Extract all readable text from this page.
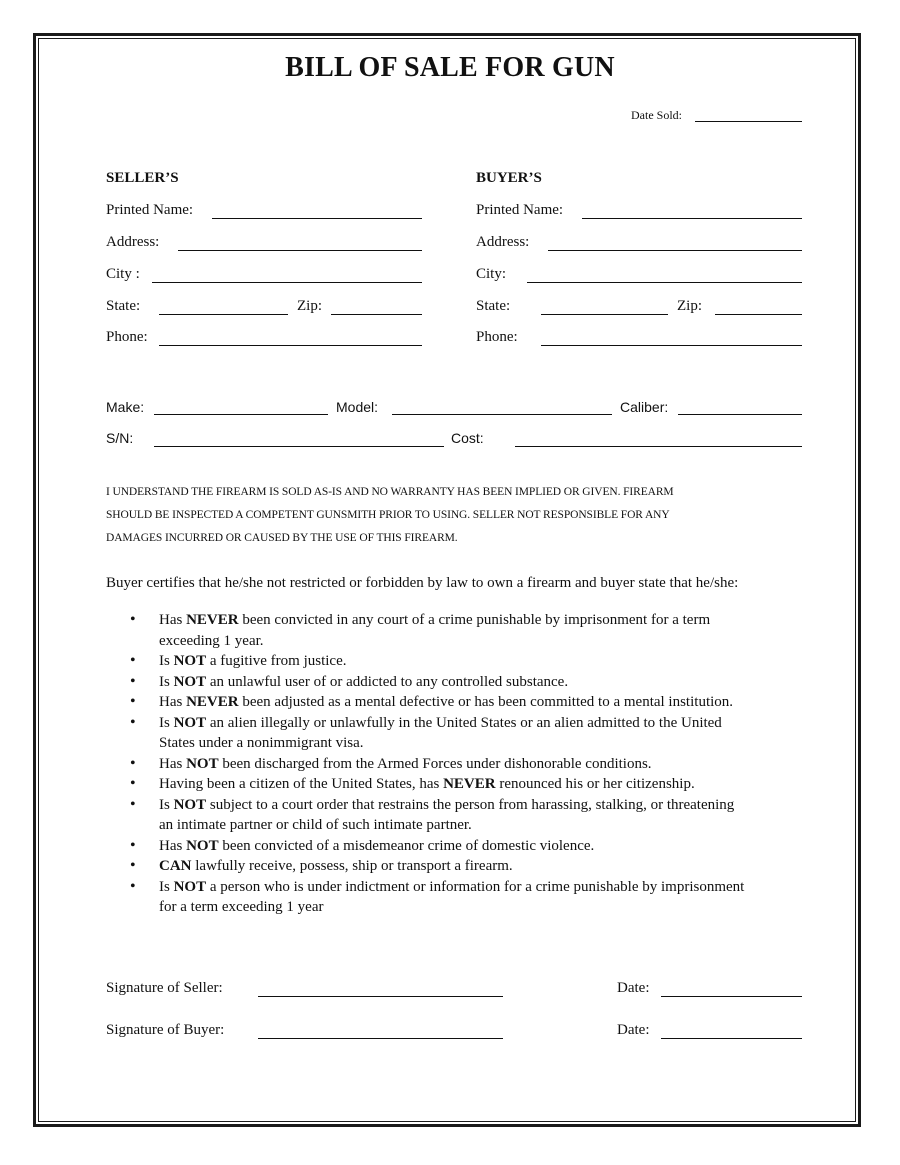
BILL OF SALE FOR GUN
Date Sold:
SELLER’S
Printed Name:
Address:
City :
State:	Zip:
Phone:
BUYER’S
Printed Name:
Address:
City:
State:	Zip:
Phone:
Make:	Model:	Caliber:
S/N:	Cost:
I UNDERSTAND THE FIREARM IS SOLD AS-IS AND NO WARRANTY HAS BEEN IMPLIED OR GIVEN. FIREARM
SHOULD BE INSPECTED A COMPETENT GUNSMITH PRIOR TO USING. SELLER NOT RESPONSIBLE FOR ANY
DAMAGES INCURRED OR CAUSED BY THE USE OF THIS FIREARM.
Buyer certifies that he/she not restricted or forbidden by law to own a firearm and buyer state that he/she:
• Has NEVER been convicted in any court of a crime punishable by imprisonment for a term
exceeding 1 year.
• Is NOT a fugitive from justice.
• Is NOT an unlawful user of or addicted to any controlled substance.
• Has NEVER been adjusted as a mental defective or has been committed to a mental institution.
• Is NOT an alien illegally or unlawfully in the United States or an alien admitted to the United
States under a nonimmigrant visa.
• Has NOT been discharged from the Armed Forces under dishonorable conditions.
• Having been a citizen of the United States, has NEVER renounced his or her citizenship.
• Is NOT subject to a court order that restrains the person from harassing, stalking, or threatening
an intimate partner or child of such intimate partner.
• Has NOT been convicted of a misdemeanor crime of domestic violence.
• CAN lawfully receive, possess, ship or transport a firearm.
• Is NOT a person who is under indictment or information for a crime punishable by imprisonment
for a term exceeding 1 year
Signature of Seller:	Date:
Signature of Buyer:	Date:
